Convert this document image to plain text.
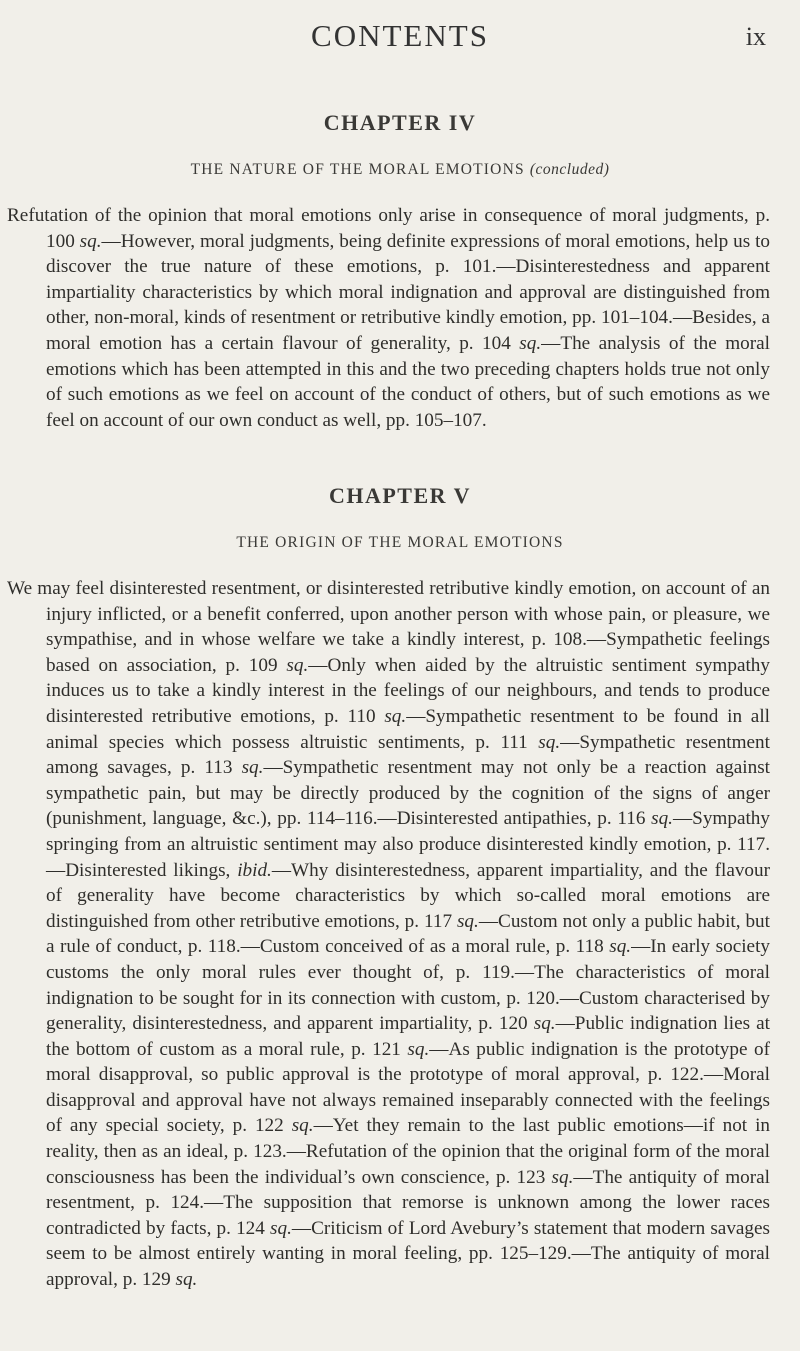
CONTENTS	ix
CHAPTER IV
THE NATURE OF THE MORAL EMOTIONS (concluded)

Refutation of the opinion that moral emotions only arise in consequence of moral judgments, p. 100 sq.—However, moral judgments, being definite expressions of moral emotions, help us to discover the true nature of these emotions, p. 101.—Disinterestedness and apparent impartiality characteristics by which moral indignation and approval are distinguished from other, non-moral, kinds of resentment or retributive kindly emotion, pp. 101–104.—Besides, a moral emotion has a certain flavour of generality, p. 104 sq.—The analysis of the moral emotions which has been attempted in this and the two preceding chapters holds true not only of such emotions as we feel on account of the conduct of others, but of such emotions as we feel on account of our own conduct as well, pp. 105–107.

CHAPTER V
THE ORIGIN OF THE MORAL EMOTIONS

We may feel disinterested resentment, or disinterested retributive kindly emotion, on account of an injury inflicted, or a benefit conferred, upon another person with whose pain, or pleasure, we sympathise, and in whose welfare we take a kindly interest, p. 108.—Sympathetic feelings based on association, p. 109 sq.—Only when aided by the altruistic sentiment sympathy induces us to take a kindly interest in the feelings of our neighbours, and tends to produce disinterested retributive emotions, p. 110 sq.—Sympathetic resentment to be found in all animal species which possess altruistic sentiments, p. 111 sq.—Sympathetic resentment among savages, p. 113 sq.—Sympathetic resentment may not only be a reaction against sympathetic pain, but may be directly produced by the cognition of the signs of anger (punishment, language, &c.), pp. 114–116.—Disinterested antipathies, p. 116 sq.—Sympathy springing from an altruistic sentiment may also produce disinterested kindly emotion, p. 117.—Disinterested likings, ibid.—Why disinterestedness, apparent impartiality, and the flavour of generality have become characteristics by which so-called moral emotions are distinguished from other retributive emotions, p. 117 sq.—Custom not only a public habit, but a rule of conduct, p. 118.—Custom conceived of as a moral rule, p. 118 sq.—In early society customs the only moral rules ever thought of, p. 119.—The characteristics of moral indignation to be sought for in its connection with custom, p. 120.—Custom characterised by generality, disinterestedness, and apparent impartiality, p. 120 sq.—Public indignation lies at the bottom of custom as a moral rule, p. 121 sq.—As public indignation is the prototype of moral disapproval, so public approval is the prototype of moral approval, p. 122.—Moral disapproval and approval have not always remained inseparably connected with the feelings of any special society, p. 122 sq.—Yet they remain to the last public emotions—if not in reality, then as an ideal, p. 123.—Refutation of the opinion that the original form of the moral consciousness has been the individual’s own conscience, p. 123 sq.—The antiquity of moral resentment, p. 124.—The supposition that remorse is unknown among the lower races contradicted by facts, p. 124 sq.—Criticism of Lord Avebury’s statement that modern savages seem to be almost entirely wanting in moral feeling, pp. 125–129.—The antiquity of moral approval, p. 129 sq.
